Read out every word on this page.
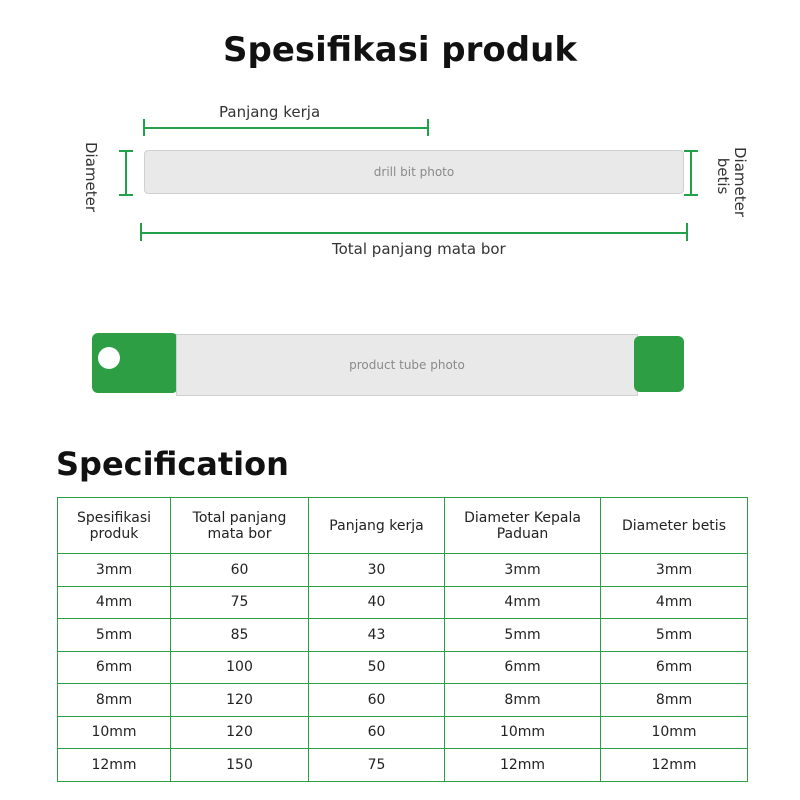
Spesifikasi produk
Panjang kerja
Diameter	drill bit photo	Diameter betis
Total panjang mata bor
product tube photo
Specification
Spesifikasi produk	Total panjang mata bor	Panjang kerja	Diameter Kepala Paduan	Diameter betis
3mm	60	30	3mm	3mm
4mm	75	40	4mm	4mm
5mm	85	43	5mm	5mm
6mm	100	50	6mm	6mm
8mm	120	60	8mm	8mm
10mm	120	60	10mm	10mm
12mm	150	75	12mm	12mm
